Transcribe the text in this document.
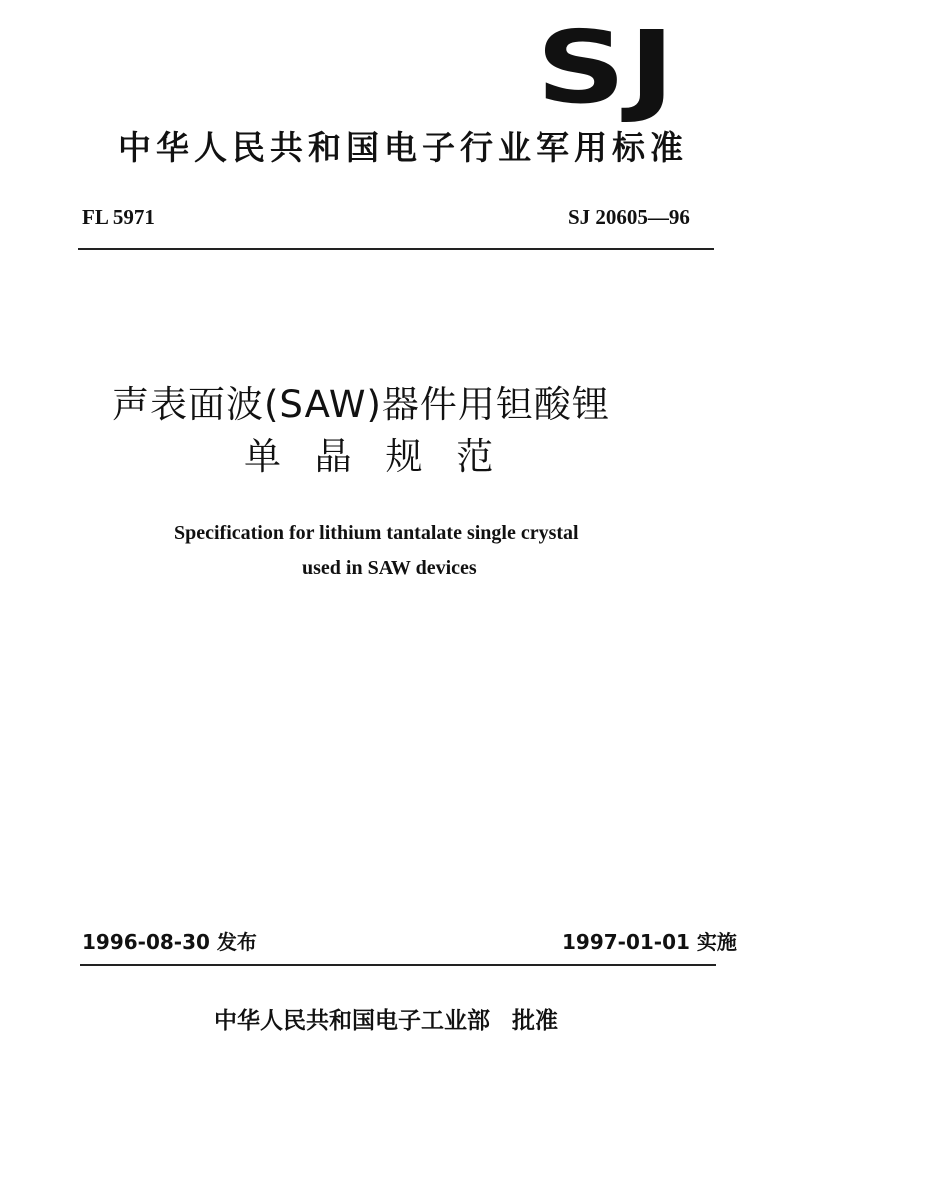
SJ
中华人民共和国电子行业军用标准
FL 5971	SJ 20605—96
声表面波(SAW)器件用钽酸锂
单 晶 规 范
Specification for lithium tantalate single crystal
used in SAW devices
1996-08-30 发布	1997-01-01 实施
中华人民共和国电子工业部 批准
